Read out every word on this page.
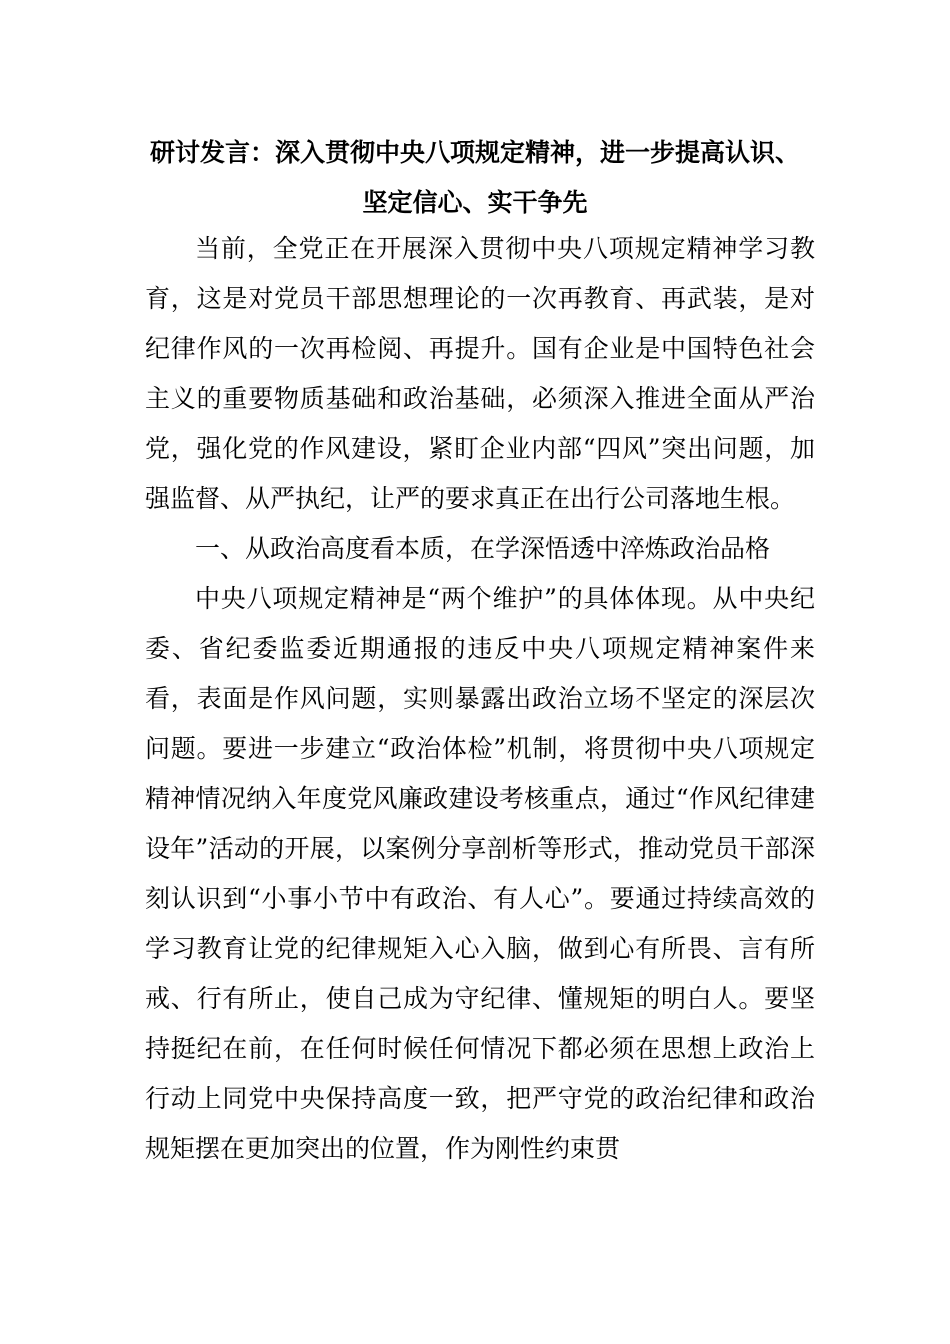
研讨发言：深入贯彻中央八项规定精神，进一步提高认识、
坚定信心、实干争先

当前，全党正在开展深入贯彻中央八项规定精神学习教育，这是对党员干部思想理论的一次再教育、再武装，是对纪律作风的一次再检阅、再提升。国有企业是中国特色社会主义的重要物质基础和政治基础，必须深入推进全面从严治党，强化党的作风建设，紧盯企业内部“四风”突出问题，加强监督、从严执纪，让严的要求真正在出行公司落地生根。

一、从政治高度看本质，在学深悟透中淬炼政治品格

中央八项规定精神是“两个维护”的具体体现。从中央纪委、省纪委监委近期通报的违反中央八项规定精神案件来看，表面是作风问题，实则暴露出政治立场不坚定的深层次问题。要进一步建立“政治体检”机制，将贯彻中央八项规定精神情况纳入年度党风廉政建设考核重点，通过“作风纪律建设年”活动的开展，以案例分享剖析等形式，推动党员干部深刻认识到“小事小节中有政治、有人心”。要通过持续高效的学习教育让党的纪律规矩入心入脑，做到心有所畏、言有所戒、行有所止，使自己成为守纪律、懂规矩的明白人。要坚持挺纪在前，在任何时候任何情况下都必须在思想上政治上行动上同党中央保持高度一致，把严守党的政治纪律和政治规矩摆在更加突出的位置，作为刚性约束贯
